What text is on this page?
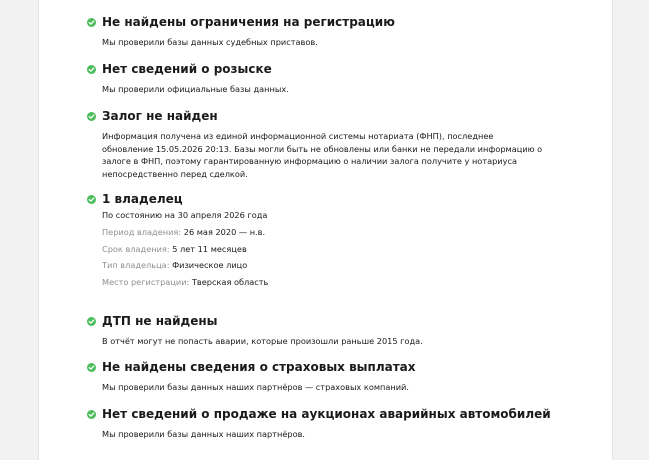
Не найдены ограничения на регистрацию
Мы проверили базы данных судебных приставов.
Нет сведений о розыске
Мы проверили официальные базы данных.
Залог не найден
Информация получена из единой информационной системы нотариата (ФНП), последнее
обновление 15.05.2026 20:13. Базы могли быть не обновлены или банки не передали информацию о
залоге в ФНП, поэтому гарантированную информацию о наличии залога получите у нотариуса
непосредственно перед сделкой.
1 владелец
По состоянию на 30 апреля 2026 года
Период владения: 26 мая 2020 — н.в.
Срок владения: 5 лет 11 месяцев
Тип владельца: Физическое лицо
Место регистрации: Тверская область
ДТП не найдены
В отчёт могут не попасть аварии, которые произошли раньше 2015 года.
Не найдены сведения о страховых выплатах
Мы проверили базы данных наших партнёров — страховых компаний.
Нет сведений о продаже на аукционах аварийных автомобилей
Мы проверили базы данных наших партнёров.
